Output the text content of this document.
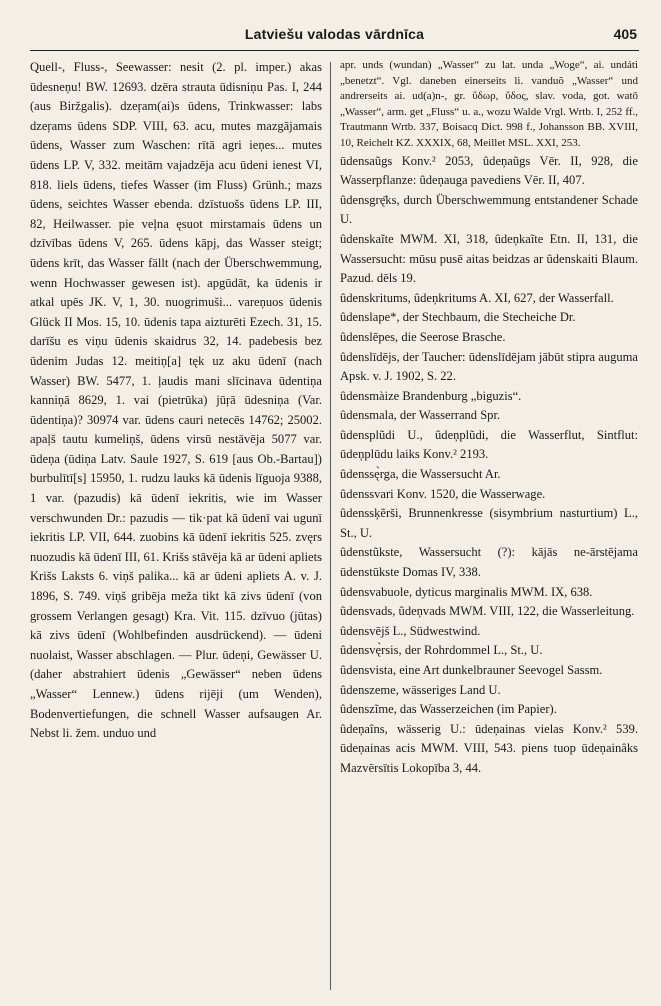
Latviešu valodas vārdnīca	405

Quell-, Fluss-, Seewasser: nesit (2. pl. imper.) akas ūdesneņu! BW. 12693. dzēra strauta ūdisniņu Pas. I, 244 (aus Biržgalis). dzeŗam(ai)s ūdens, Trinkwasser: labs dzeŗams ūdens SDP. VIII, 63. acu, mutes mazgājamais ūdens, Wasser zum Waschen: rītā agri ieņes... mutes ūdens LP. V, 332. meitām vajadzēja acu ūdeni ienest VI, 818. liels ūdens, tiefes Wasser (im Fluss) Grünh.; mazs ūdens, seichtes Wasser ebenda. dzīstuošs ūdens LP. III, 82, Heilwasser. pie veļna ęsuot mirstamais ūdens un dzīvības ūdens V, 265. ūdens kāpj, das Wasser steigt; ūdens krīt, das Wasser fällt (nach der Überschwemmung, wenn Hochwasser gewesen ist). apgūdāt, ka ūdenis ir atkal upēs JK. V, 1, 30. nuogrimuši... vareņuos ūdenis Glück II Mos. 15, 10. ūdenis tapa aizturēti Ezech. 31, 15. darīšu es viņu ūdenis skaidrus 32, 14. padebesis bez ūdenim Judas 12. meitiņ[a] tęk uz aku ūdenī (nach Wasser) BW. 5477, 1. ļaudis mani slīcinava ūdentiņa kanniņā 8629, 1. vai (pietrūka) jūŗā ūdesniņa (Var. ūdentiņa)? 30974 var. ūdens cauri netecēs 14762; 25002. apaļš tautu kumeliņš, ūdens virsū nestāvēja 5077 var. ūdeņa (ūdiņa Latv. Saule 1927, S. 619 [aus Ob.-Bartau]) burbulītī[s] 15950, 1. rudzu lauks kā ūdenis līguoja 9388, 1 var. (pazudis) kā ūdenī iekritis, wie im Wasser verschwunden Dr.: pazudis — tik·pat kā ūdenī vai ugunī iekritis LP. VII, 644. zuobins kā ūdenī iekritis 525. zvęrs nuozudis kā ūdenī III, 61. Krišs stāvēja kā ar ūdeni apliets Krišs Laksts 6. viņš palika... kā ar ūdeni apliets A. v. J. 1896, S. 749. viņš gribēja meža tikt kā zivs ūdenī (von grossem Verlangen gesagt) Kra. Vit. 115. dzīvuo (jūtas) kā zivs ūdenī (Wohlbefinden ausdrückend). — ūdeni nuolaist, Wasser abschlagen. — Plur. ūdeņi, Gewässer U. (daher abstrahiert ūdenis „Gewässer“ neben ūdens „Wasser“ Lennew.) ūdens rijēji (um Wenden), Bodenvertiefungen, die schnell Wasser aufsaugen Ar. Nebst li. žem. unduo und

apr. unds (wundan) „Wasser“ zu lat. unda „Woge“, ai. undáti „benetzt“. Vgl. daneben einerseits li. vanduõ „Wasser“ und andrerseits ai. ud(a)n-, gr. ὕδωρ, ὕδος, slav. voda, got. watō „Wasser“, arm. get „Fluss“ u. a., wozu Walde Vrgl. Wrtb. I, 252 ff., Trautmann Wrtb. 337, Boisacq Dict. 998 f., Johansson BB. XVIII, 10, Reichelt KZ. XXXIX, 68, Meillet MSL. XXI, 253.

ūdensaũgs Konv.² 2053, ûdeņaũgs Vēr. II, 928, die Wasserpflanze: ûdeņauga pavediens Vēr. II, 407.

ûdensgrę̄ks, durch Überschwemmung entstandener Schade U.

ûdenskaĩte MWM. XI, 318, ûdeņkaĩte Etn. II, 131, die Wassersucht: mūsu pusē aitas beidzas ar ûdenskaiti Blaum. Pazud. dēls 19.

ûdenskritums, ûdeņkritums A. XI, 627, der Wasserfall.

ûdenslape*, der Stechbaum, die Stecheiche Dr.

ûdenslēpes, die Seerose Brasche.

ûdenslīdējs, der Taucher: ūdenslīdējam jābūt stipra auguma Apsk. v. J. 1902, S. 22.

ûdensmàize Brandenburg „biguzis“.

ûdensmala, der Wasserrand Spr.

ûdensplũdi U., ûdeņplũdi, die Wasserflut, Sintflut: ūdeņplūdu laiks Konv.² 2193.

ûdenssę̀rga, die Wassersucht Ar.

ûdenssvari Konv. 1520, die Wasserwage.

ûdenssķẽrši, Brunnenkresse (sisymbrium nasturtium) L., St., U.

ûdenstũkste, Wassersucht (?): kājās ne-ārstējama ūdenstūkste Domas IV, 338.

ûdensvabuole, dyticus marginalis MWM. IX, 638.

ûdensvads, ûdeņvads MWM. VIII, 122, die Wasserleitung.

ûdensvējš L., Südwestwind.

ûdensvę̀rsis, der Rohrdommel L., St., U.

ûdensvista, eine Art dunkelbrauner Seevogel Sassm.

ûdenszeme, wässeriges Land U.

ûdenszĩme, das Wasserzeichen (im Papier).

ûdeņaîns, wässerig U.: ūdeņainas vielas Konv.² 539. ūdeņainas acis MWM. VIII, 543. piens tuop ūdeņainâks Mazvērsītis Lokopība 3, 44.
